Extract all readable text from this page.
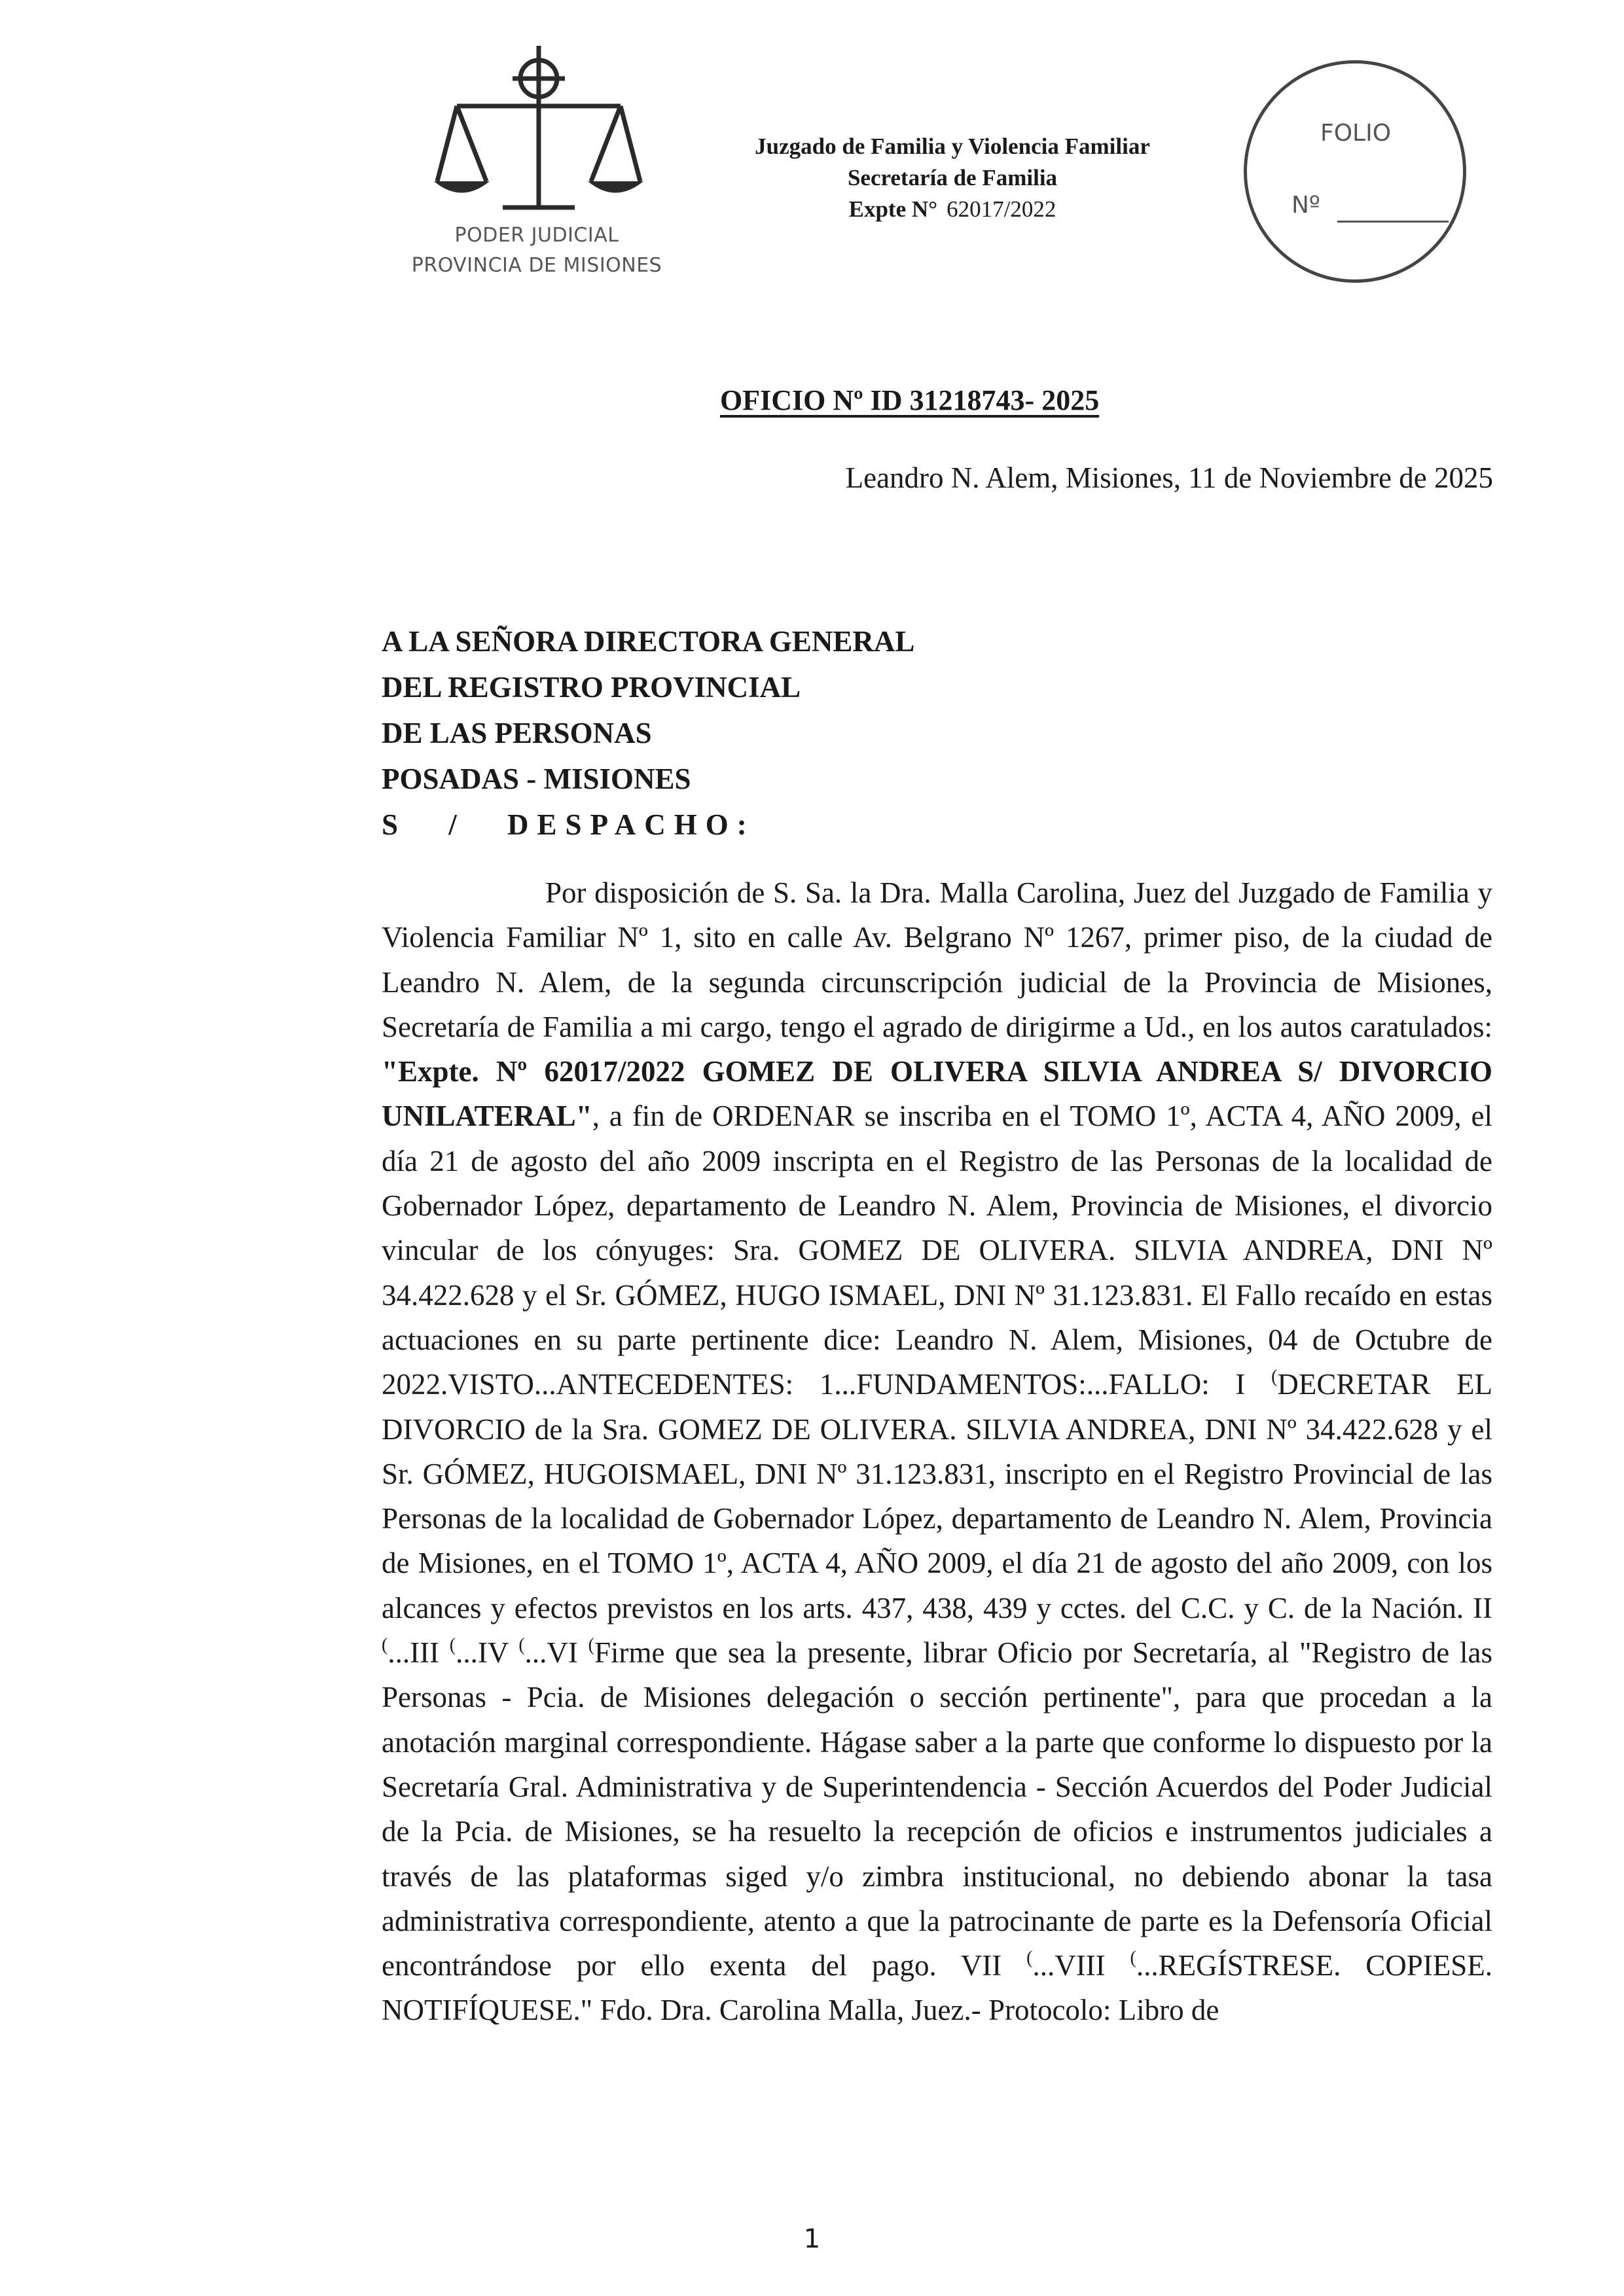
PODER JUDICIAL
PROVINCIA DE MISIONES
Juzgado de Familia y Violencia Familiar
Secretaría de Familia
Expte N° 62017/2022
FOLIO
Nº
OFICIO Nº ID 31218743- 2025
Leandro N. Alem, Misiones, 11 de Noviembre de 2025
A LA SEÑORA DIRECTORA GENERAL
DEL REGISTRO PROVINCIAL
DE LAS PERSONAS
POSADAS - MISIONES
S / DESPACHO:

Por disposición de S. Sa. la Dra. Malla Carolina, Juez del Juzgado de Familia y Violencia Familiar Nº 1, sito en calle Av. Belgrano Nº 1267, primer piso, de la ciudad de Leandro N. Alem, de la segunda circunscripción judicial de la Provincia de Misiones, Secretaría de Familia a mi cargo, tengo el agrado de dirigirme a Ud., en los autos caratulados: "Expte. Nº 62017/2022 GOMEZ DE OLIVERA SILVIA ANDREA S/ DIVORCIO UNILATERAL", a fin de ORDENAR se inscriba en el TOMO 1º, ACTA 4, AÑO 2009, el día 21 de agosto del año 2009 inscripta en el Registro de las Personas de la localidad de Gobernador López, departamento de Leandro N. Alem, Provincia de Misiones, el divorcio vincular de los cónyuges: Sra. GOMEZ DE OLIVERA. SILVIA ANDREA, DNI Nº 34.422.628 y el Sr. GÓMEZ, HUGO ISMAEL, DNI Nº 31.123.831. El Fallo recaído en estas actuaciones en su parte pertinente dice: Leandro N. Alem, Misiones, 04 de Octubre de 2022.VISTO...ANTECEDENTES: 1...FUNDAMENTOS:...FALLO: I (DECRETAR EL DIVORCIO de la Sra. GOMEZ DE OLIVERA. SILVIA ANDREA, DNI Nº 34.422.628 y el Sr. GÓMEZ, HUGOISMAEL, DNI Nº 31.123.831, inscripto en el Registro Provincial de las Personas de la localidad de Gobernador López, departamento de Leandro N. Alem, Provincia de Misiones, en el TOMO 1º, ACTA 4, AÑO 2009, el día 21 de agosto del año 2009, con los alcances y efectos previstos en los arts. 437, 438, 439 y cctes. del C.C. y C. de la Nación. II (...III (...IV (...VI (Firme que sea la presente, librar Oficio por Secretaría, al "Registro de las Personas - Pcia. de Misiones delegación o sección pertinente", para que procedan a la anotación marginal correspondiente. Hágase saber a la parte que conforme lo dispuesto por la Secretaría Gral. Administrativa y de Superintendencia - Sección Acuerdos del Poder Judicial de la Pcia. de Misiones, se ha resuelto la recepción de oficios e instrumentos judiciales a través de las plataformas siged y/o zimbra institucional, no debiendo abonar la tasa administrativa correspondiente, atento a que la patrocinante de parte es la Defensoría Oficial encontrándose por ello exenta del pago. VII (...VIII (...REGÍSTRESE. COPIESE. NOTIFÍQUESE." Fdo. Dra. Carolina Malla, Juez.- Protocolo: Libro de

1
